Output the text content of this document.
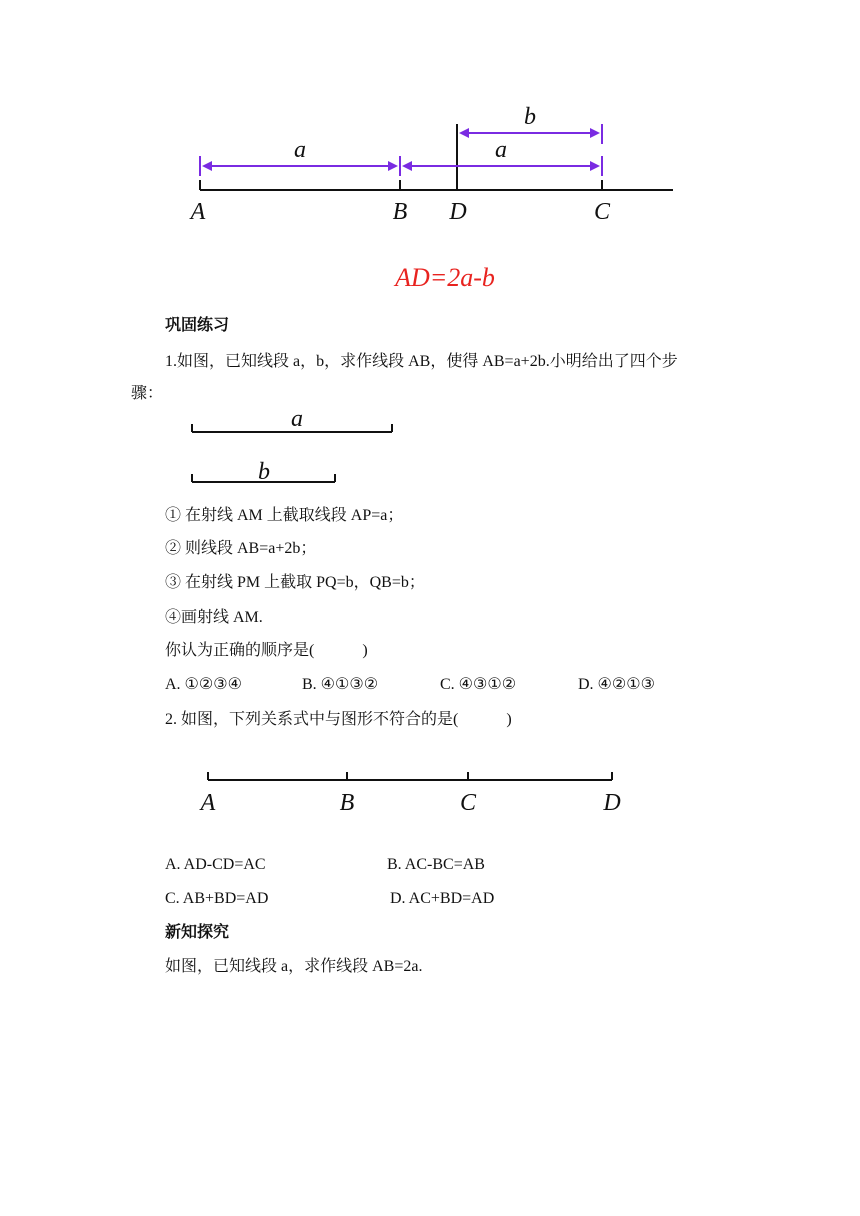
a	a
b
A	B D	C
AD=2a-b
巩固练习
1.如图，已知线段 a，b，求作线段 AB，使得 AB=a+2b.小明给出了四个步
骤：
a
b
① 在射线 AM 上截取线段 AP=a；
② 则线段 AB=a+2b；
③ 在射线 PM 上截取 PQ=b，QB=b；
④画射线 AM.
你认为正确的顺序是(　　　)
A. ①②③④	B. ④①③②	C. ④③①②	D. ④②①③
2. 如图，下列关系式中与图形不符合的是(　　　)
A	B	C	D
A. AD-CD=AC	B. AC-BC=AB
C. AB+BD=AD	D. AC+BD=AD
新知探究
如图，已知线段 a，求作线段 AB=2a.
